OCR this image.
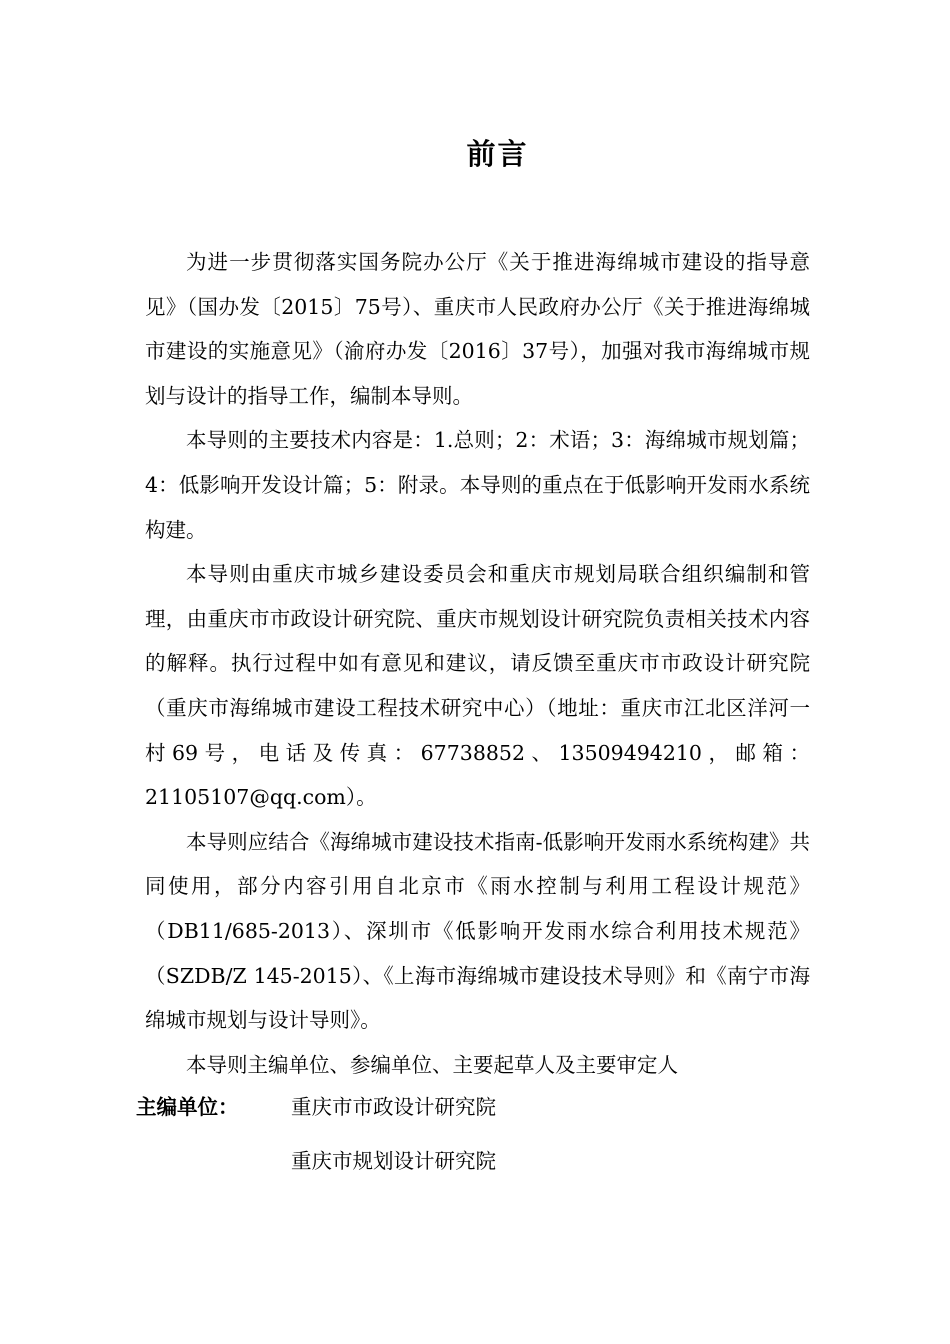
前言

为进一步贯彻落实国务院办公厅《关于推进海绵城市建设的指导意见》（国办发〔2015〕75号）、重庆市人民政府办公厅《关于推进海绵城市建设的实施意见》（渝府办发〔2016〕37号），加强对我市海绵城市规划与设计的指导工作，编制本导则。

本导则的主要技术内容是：1.总则；2：术语；3：海绵城市规划篇；4：低影响开发设计篇；5：附录。本导则的重点在于低影响开发雨水系统构建。

本导则由重庆市城乡建设委员会和重庆市规划局联合组织编制和管理，由重庆市市政设计研究院、重庆市规划设计研究院负责相关技术内容的解释。执行过程中如有意见和建议，请反馈至重庆市市政设计研究院（重庆市海绵城市建设工程技术研究中心）（地址：重庆市江北区洋河一村69号，电话及传真：67738852、13509494210，邮箱：21105107@qq.com）。

本导则应结合《海绵城市建设技术指南-低影响开发雨水系统构建》共同使用，部分内容引用自北京市《雨水控制与利用工程设计规范》（DB11/685-2013）、深圳市《低影响开发雨水综合利用技术规范》（SZDB/Z 145-2015）、《上海市海绵城市建设技术导则》和《南宁市海绵城市规划与设计导则》。

本导则主编单位、参编单位、主要起草人及主要审定人

主编单位：	重庆市市政设计研究院
重庆市规划设计研究院
